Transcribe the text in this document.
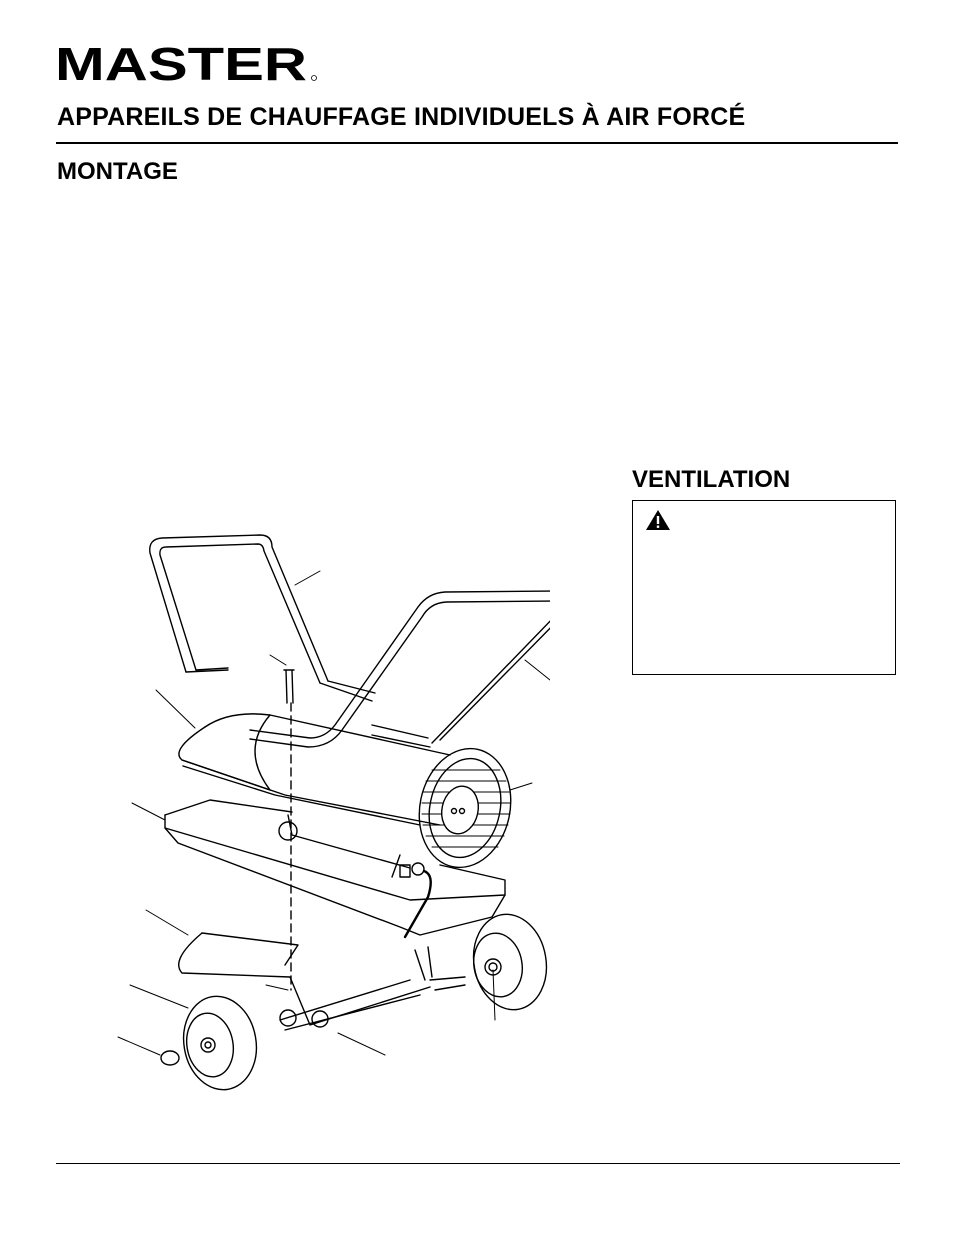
MASTER
APPAREILS DE CHAUFFAGE INDIVIDUELS À AIR FORCÉ
MONTAGE
VENTILATION
